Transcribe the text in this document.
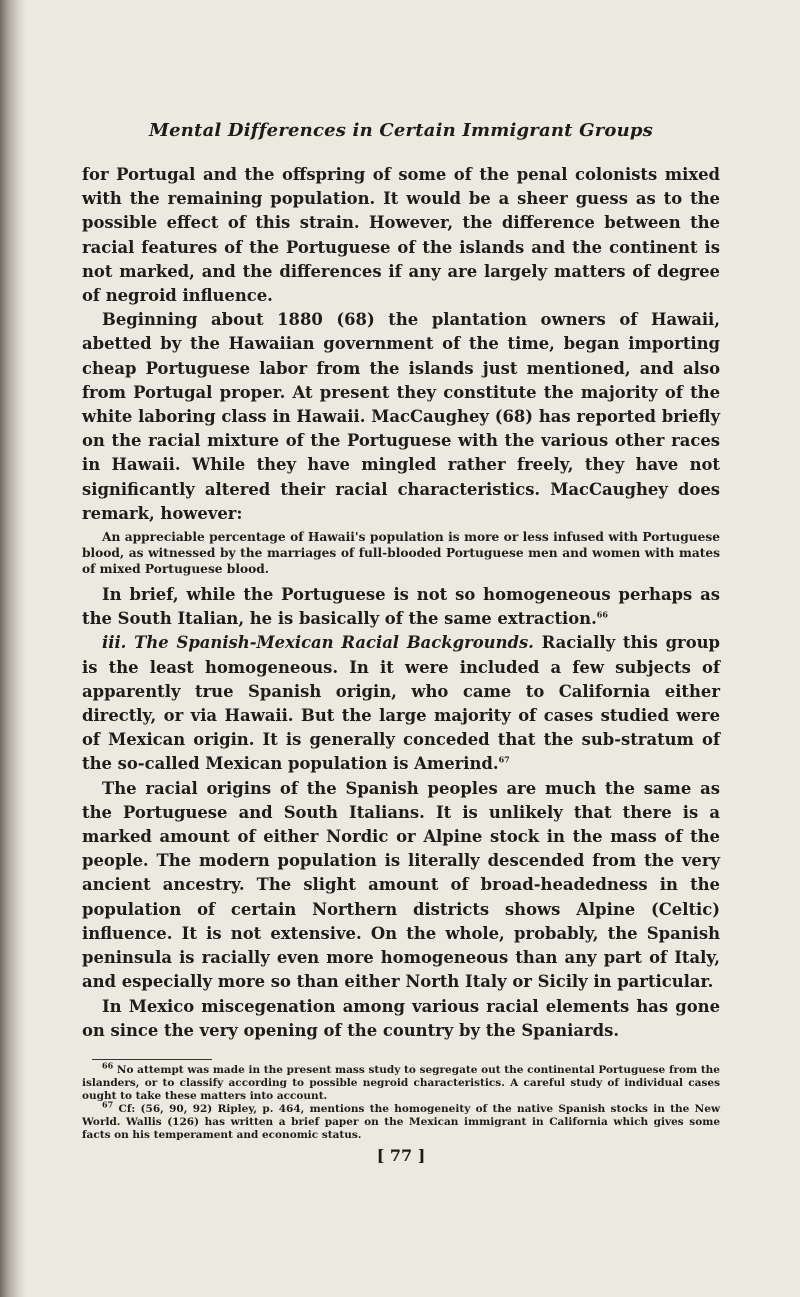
Mental Differences in Certain Immigrant Groups

for Portugal and the offspring of some of the penal colonists mixed with the remaining population. It would be a sheer guess as to the possible effect of this strain. However, the difference between the racial features of the Portuguese of the islands and the continent is not marked, and the differences if any are largely matters of degree of negroid influence.

Beginning about 1880 (68) the plantation owners of Hawaii, abetted by the Hawaiian government of the time, began importing cheap Portuguese labor from the islands just mentioned, and also from Portugal proper. At present they constitute the majority of the white laboring class in Hawaii. MacCaughey (68) has reported briefly on the racial mixture of the Portuguese with the various other races in Hawaii. While they have mingled rather freely, they have not significantly altered their racial characteristics. MacCaughey does remark, however:

An appreciable percentage of Hawaii's population is more or less infused with Portuguese blood, as witnessed by the marriages of full-blooded Portuguese men and women with mates of mixed Portuguese blood.

In brief, while the Portuguese is not so homogeneous perhaps as the South Italian, he is basically of the same extraction.$^{66}$

iii. The Spanish-Mexican Racial Backgrounds. Racially this group is the least homogeneous. In it were included a few subjects of apparently true Spanish origin, who came to California either directly, or via Hawaii. But the large majority of cases studied were of Mexican origin. It is generally conceded that the sub-stratum of the so-called Mexican population is Amerind.$^{67}$

The racial origins of the Spanish peoples are much the same as the Portuguese and South Italians. It is unlikely that there is a marked amount of either Nordic or Alpine stock in the mass of the people. The modern population is literally descended from the very ancient ancestry. The slight amount of broad-headedness in the population of certain Northern districts shows Alpine (Celtic) influence. It is not extensive. On the whole, probably, the Spanish peninsula is racially even more homogeneous than any part of Italy, and especially more so than either North Italy or Sicily in particular.

In Mexico miscegenation among various racial elements has gone on since the very opening of the country by the Spaniards.

$^{66}$ No attempt was made in the present mass study to segregate out the continental Portuguese from the islanders, or to classify according to possible negroid characteristics. A careful study of individual cases ought to take these matters into account.

$^{67}$ Cf: (56, 90, 92) Ripley, p. 464, mentions the homogeneity of the native Spanish stocks in the New World. Wallis (126) has written a brief paper on the Mexican immigrant in California which gives some facts on his temperament and economic status.

[ 77 ]
